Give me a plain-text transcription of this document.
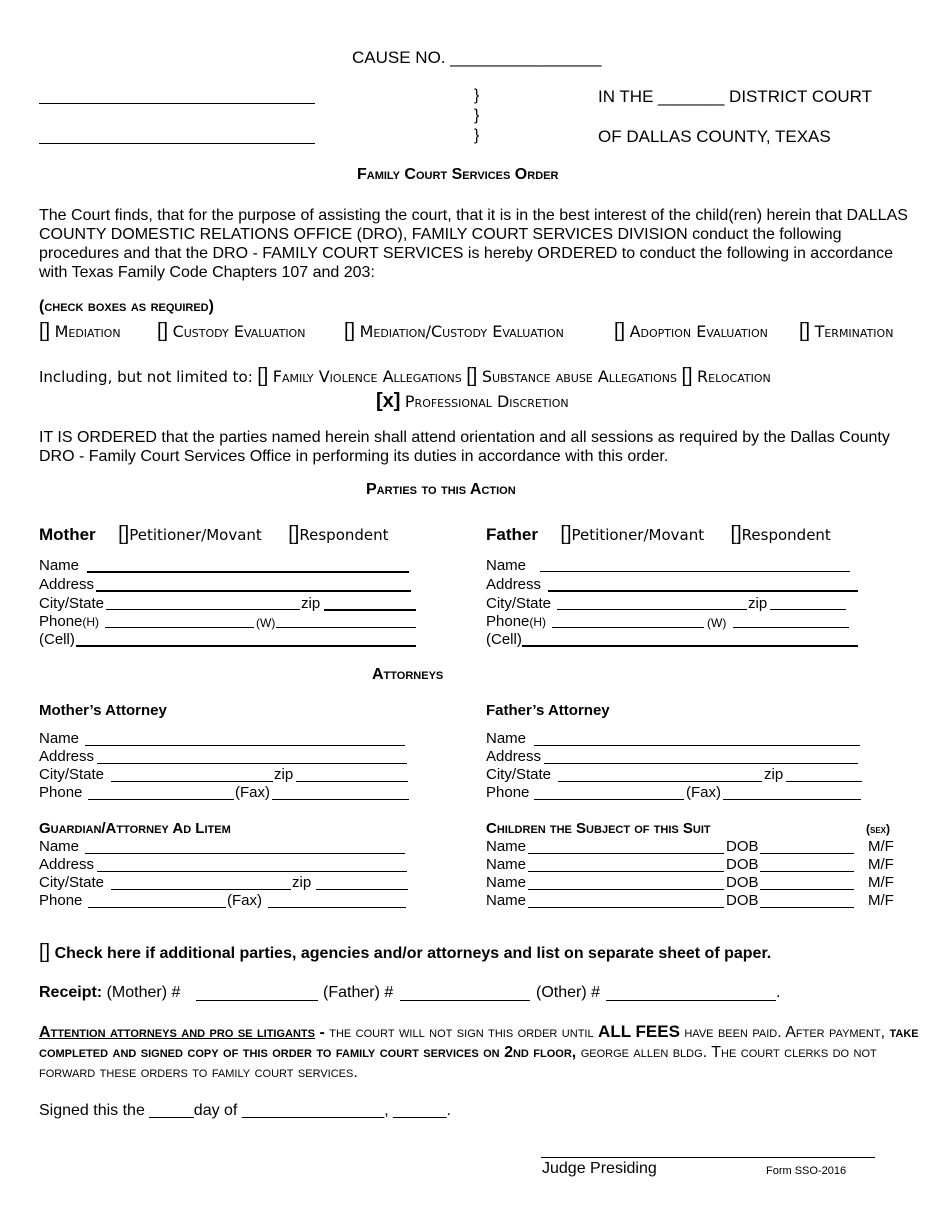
CAUSE NO. ________________
}
}
}
IN THE _______ DISTRICT COURT
OF DALLAS COUNTY, TEXAS
Family Court Services Order
The Court finds, that for the purpose of assisting the court, that it is in the best interest of the child(ren) herein that DALLAS COUNTY DOMESTIC RELATIONS OFFICE (DRO), FAMILY COURT SERVICES DIVISION conduct the following procedures and that the DRO - FAMILY COURT SERVICES is hereby ORDERED to conduct the following in accordance with Texas Family Code Chapters 107 and 203:
(check boxes as required)
[] Mediation [] Custody Evaluation [] Mediation/Custody Evaluation	[] Adoption Evaluation [] Termination
Including, but not limited to: [] Family Violence Allegations [] Substance abuse Allegations [] Relocation
[x] Professional Discretion
IT IS ORDERED that the parties named herein shall attend orientation and all sessions as required by the Dallas County DRO - Family Court Services Office in performing its duties in accordance with this order.
Parties to this Action
Mother []Petitioner/Movant []Respondent
Name
Address
City/State	zip
Phone(H)	(W)
(Cell)
Father []Petitioner/Movant []Respondent
Name
Address
City/State	zip
Phone(H)	(W)
(Cell)
Attorneys
Mother’s Attorney
Name
Address
City/State	zip
Phone	(Fax)
Father’s Attorney
Name
Address
City/State	zip
Phone	(Fax)
Guardian/Attorney Ad Litem
Name
Address
City/State	zip
Phone	(Fax)
Children the Subject of this Suit	(sex)
Name	DOB	M/F
Name	DOB	M/F
Name	DOB	M/F
Name	DOB	M/F
[] Check here if additional parties, agencies and/or attorneys and list on separate sheet of paper.
Receipt: (Mother) #	(Father) #	(Other) #	.
Attention attorneys and pro se litigants - the court will not sign this order until ALL FEES have been paid. After payment, take completed and signed copy of this order to family court services on 2nd floor, george allen bldg. The court clerks do not forward these orders to family court services.
Signed this the _____day of ________________, ______.
Judge Presiding	Form SSO-2016
